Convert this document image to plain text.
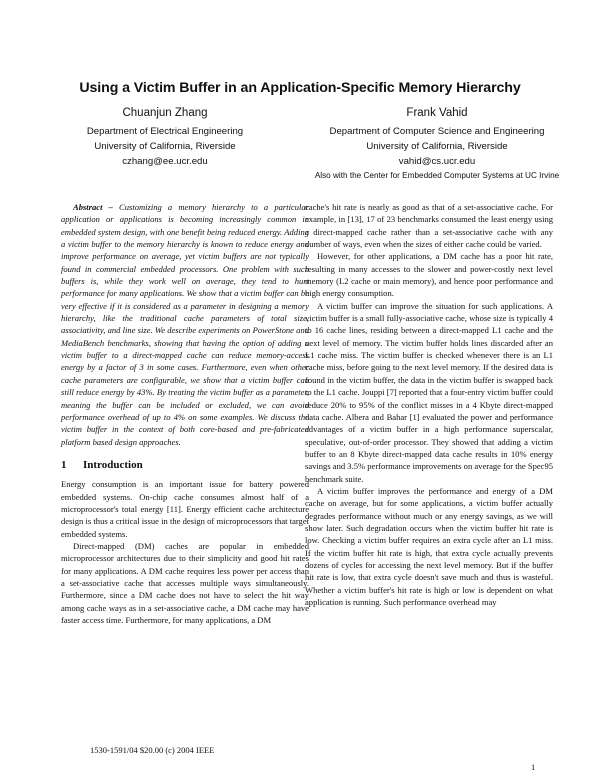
Using a Victim Buffer in an Application-Specific Memory Hierarchy
Chuanjun Zhang
Department of Electrical Engineering
University of California, Riverside
czhang@ee.ucr.edu
Frank Vahid
Department of Computer Science and Engineering
University of California, Riverside
vahid@cs.ucr.edu
Also with the Center for Embedded Computer Systems at UC Irvine

Abstract – Customizing a memory hierarchy to a particular application or applications is becoming increasingly common in embedded system design, with one benefit being reduced energy. Adding a victim buffer to the memory hierarchy is known to reduce energy and improve performance on average, yet victim buffers are not typically found in commercial embedded processors. One problem with such buffers is, while they work well on average, they tend to hurt performance for many applications. We show that a victim buffer can be very effective if it is considered as a parameter in designing a memory hierarchy, like the traditional cache parameters of total size, associativity, and line size. We describe experiments on PowerStone and MediaBench benchmarks, showing that having the option of adding a victim buffer to a direct-mapped cache can reduce memory-access energy by a factor of 3 in some cases. Furthermore, even when other cache parameters are configurable, we show that a victim buffer can still reduce energy by 43%. By treating the victim buffer as a parameter, meaning the buffer can be included or excluded, we can avoid performance overhead of up to 4% on some examples. We discuss the victim buffer in the context of both core-based and pre-fabricated platform based design approaches.

1 Introduction

Energy consumption is an important issue for battery powered embedded systems. On-chip cache consumes almost half of a microprocessor's total energy [11]. Energy efficient cache architecture design is thus a critical issue in the design of microprocessors that target embedded systems.

Direct-mapped (DM) caches are popular in embedded microprocessor architectures due to their simplicity and good hit rates for many applications. A DM cache requires less power per access than a set-associative cache that accesses multiple ways simultaneously. Furthermore, since a DM cache does not have to select the hit way among cache ways as in a set-associative cache, a DM cache may have faster access time. Furthermore, for many applications, a DM

cache's hit rate is nearly as good as that of a set-associative cache. For example, in [13], 17 of 23 benchmarks consumed the least energy using a direct-mapped cache rather than a set-associative cache with any number of ways, even when the sizes of either cache could be varied.

However, for other applications, a DM cache has a poor hit rate, resulting in many accesses to the slower and power-costly next level memory (L2 cache or main memory), and hence poor performance and high energy consumption.

A victim buffer can improve the situation for such applications. A victim buffer is a small fully-associative cache, whose size is typically 4 to 16 cache lines, residing between a direct-mapped L1 cache and the next level of memory. The victim buffer holds lines discarded after an L1 cache miss. The victim buffer is checked whenever there is an L1 cache miss, before going to the next level memory. If the desired data is found in the victim buffer, the data in the victim buffer is swapped back to the L1 cache. Jouppi [7] reported that a four-entry victim buffer could reduce 20% to 95% of the conflict misses in a 4 Kbyte direct-mapped data cache. Albera and Bahar [1] evaluated the power and performance advantages of a victim buffer in a high performance superscalar, speculative, out-of-order processor. They showed that adding a victim buffer to an 8 Kbyte direct-mapped data cache results in 10% energy savings and 3.5% performance improvements on average for the Spec95 benchmark suite.

A victim buffer improves the performance and energy of a DM cache on average, but for some applications, a victim buffer actually degrades performance without much or any energy savings, as we will show later. Such degradation occurs when the victim buffer hit rate is low. Checking a victim buffer requires an extra cycle after an L1 miss. If the victim buffer hit rate is high, that extra cycle actually prevents dozens of cycles for accessing the next level memory. But if the buffer hit rate is low, that extra cycle doesn't save much and thus is wasteful. Whether a victim buffer's hit rate is high or low is dependent on what application is running. Such performance overhead may

1530-1591/04 $20.00 (c) 2004 IEEE
1
